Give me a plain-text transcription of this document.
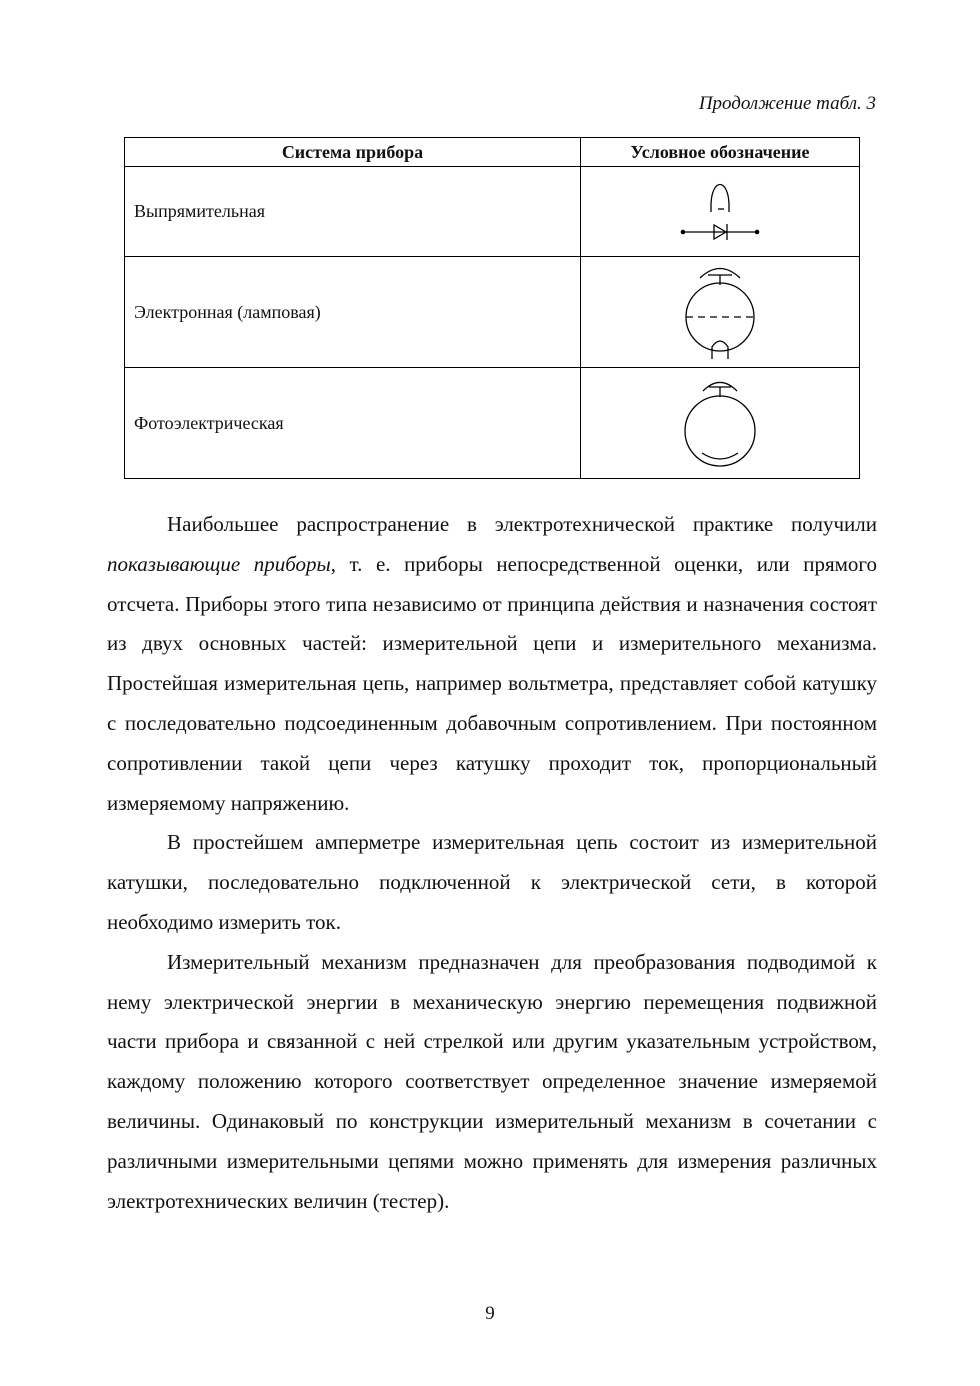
Продолжение табл. 3
Система прибора	Условное обозначение
Выпрямительная	

Электронная (ламповая)	

Фотоэлектрическая	

Наибольшее распространение в электротехнической практике получили показывающие приборы, т. е. приборы непосредственной оценки, или прямого отсчета. Приборы этого типа независимо от принципа действия и назначения состоят из двух основных частей: измерительной цепи и измерительного механизма. Простейшая измерительная цепь, например вольтметра, представляет собой катушку с последовательно подсоединенным добавочным сопротивлением. При постоянном сопротивлении такой цепи через катушку проходит ток, пропорциональный измеряемому напряжению.

В простейшем амперметре измерительная цепь состоит из измерительной катушки, последовательно подключенной к электрической сети, в которой необходимо измерить ток.

Измерительный механизм предназначен для преобразования подводимой к нему электрической энергии в механическую энергию перемещения подвижной части прибора и связанной с ней стрелкой или другим указательным устройством, каждому положению которого соответствует определенное значение измеряемой величины. Одинаковый по конструкции измерительный механизм в сочетании с различными измерительными цепями можно применять для измерения различных электротехнических величин (тестер).

9
